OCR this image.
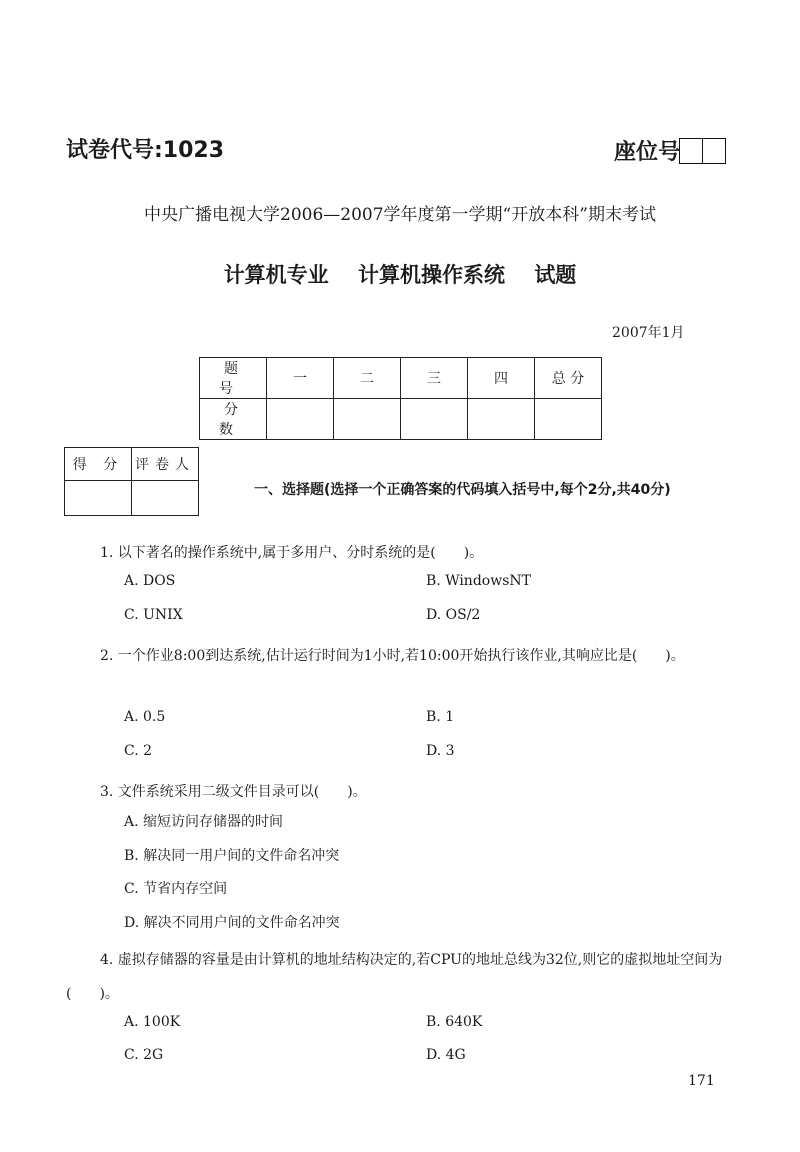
试卷代号:1023	座位号
中央广播电视大学2006—2007学年度第一学期“开放本科”期末考试
计算机专业 计算机操作系统 试题
2007年1月
题 号	一	二	三	四	总 分
分 数					
得 分	评卷人

一、选择题(选择一个正确答案的代码填入括号中,每个2分,共40分)
1. 以下著名的操作系统中,属于多用户、分时系统的是(　　)。
A. DOS	B. WindowsNT
C. UNIX	D. OS/2
2. 一个作业8:00到达系统,估计运行时间为1小时,若10:00开始执行该作业,其响应比是(　　)。
A. 0.5	B. 1
C. 2	D. 3
3. 文件系统采用二级文件目录可以(　　)。
A. 缩短访问存储器的时间
B. 解决同一用户间的文件命名冲突
C. 节省内存空间
D. 解决不同用户间的文件命名冲突
4. 虚拟存储器的容量是由计算机的地址结构决定的,若CPU的地址总线为32位,则它的虚拟地址空间为(　　)。
A. 100K	B. 640K
C. 2G	D. 4G
171
